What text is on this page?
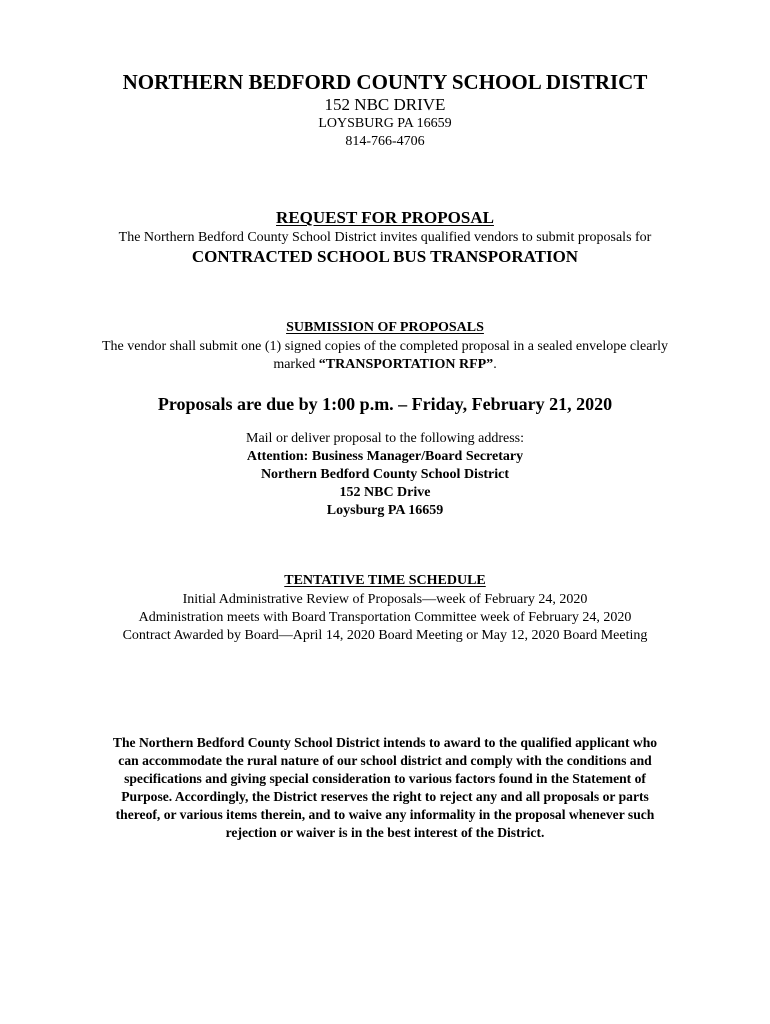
NORTHERN BEDFORD COUNTY SCHOOL DISTRICT
152 NBC DRIVE
LOYSBURG PA 16659
814-766-4706
REQUEST FOR PROPOSAL
The Northern Bedford County School District invites qualified vendors to submit proposals for
CONTRACTED SCHOOL BUS TRANSPORATION
SUBMISSION OF PROPOSALS
The vendor shall submit one (1) signed copies of the completed proposal in a sealed envelope clearly
marked “TRANSPORTATION RFP”.
Proposals are due by 1:00 p.m. – Friday, February 21, 2020
Mail or deliver proposal to the following address:
Attention: Business Manager/Board Secretary
Northern Bedford County School District
152 NBC Drive
Loysburg PA 16659
TENTATIVE TIME SCHEDULE
Initial Administrative Review of Proposals—week of February 24, 2020
Administration meets with Board Transportation Committee week of February 24, 2020
Contract Awarded by Board—April 14, 2020 Board Meeting or May 12, 2020 Board Meeting
The Northern Bedford County School District intends to award to the qualified applicant who
can accommodate the rural nature of our school district and comply with the conditions and
specifications and giving special consideration to various factors found in the Statement of
Purpose. Accordingly, the District reserves the right to reject any and all proposals or parts
thereof, or various items therein, and to waive any informality in the proposal whenever such
rejection or waiver is in the best interest of the District.
